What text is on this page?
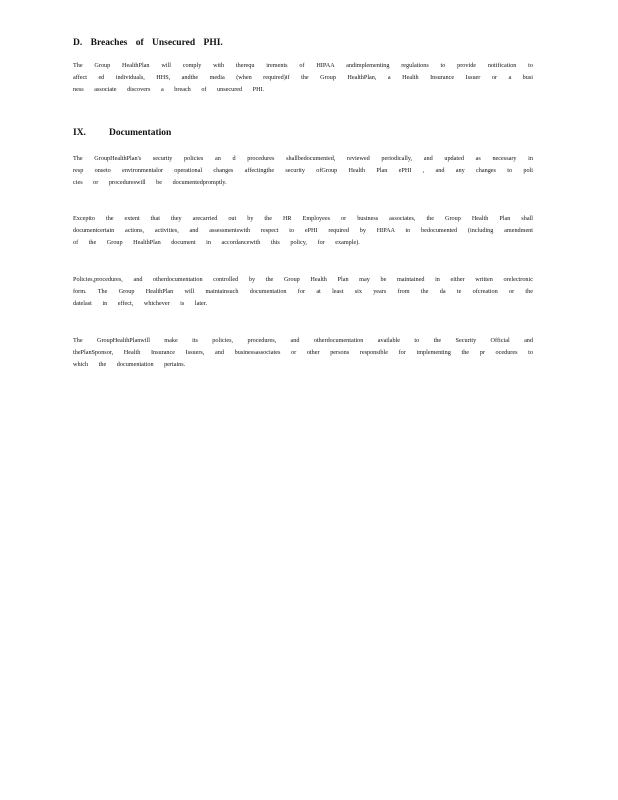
D. Breaches of Unsecured PHI.
The Group HealthPlan will comply with therequ irements of HIPAA andimplementing regulations to provide notification to affect ed individuals, HHS, andthe media (when required)if the Group HealthPlan, a Health Insurance Issuer or a busi ness associate discovers a breach of unsecured PHI.
IX. Documentation
The GroupHealthPlan's security policies an d procedures shallbedocumented, reviewed periodically, and updated as necessary in resp onseto environmentalor operational changes affectingthe security ofGroup Health Plan ePHI , and any changes to poli cies or procedureswill be documentedpromptly.
Exceptto the extent that they arecarried out by the HR Employees or business associates, the Group Health Plan shall documentcertain actions, activities, and assessmentswith respect to ePHI required by HIPAA to bedocumented (including amendment of the Group HealthPlan document in accordancewith this policy, for example).
Policies,procedures, and otherdocumentation controlled by the Group Health Plan may be maintained in either written orelectronic form. The Group HealthPlan will maintainsuch documentation for at least six years from the da te ofcreation or the datelast in effect, whichever is later.
The GroupHealthPlanwill make its policies, procedures, and otherdocumentation available to the Security Official and thePlanSponsor, Health Insurance Issuers, and businessassociates or other persons responsible for implementing the pr ocedures to which the documentation pertains.
